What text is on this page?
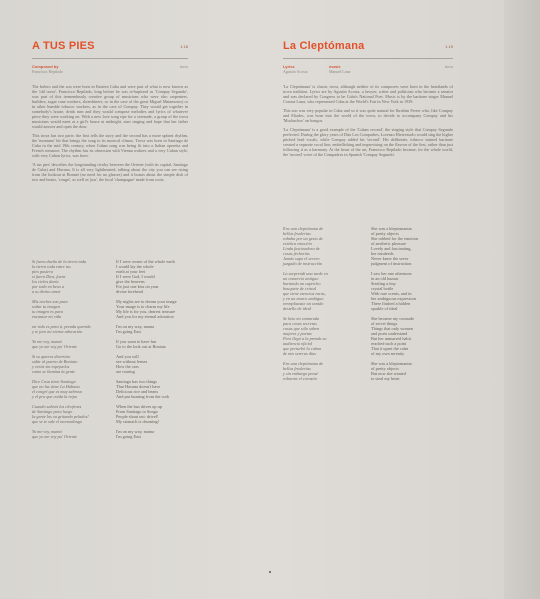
A TUS PIES	1.18
Composed by
Francisco Repilado
trova

The bolero and the son were born in Eastern Cuba and were part of what is now known as the 'old trova'. Francisco Repilado, long before he was re-baptised as 'Compay Segundo', was part of this tremendously creative group of musicians who were also carpenters, builders, sugar cane workers, shoeshiners; so in the case of the great Miguel Matamoros) or in other humble tobacco workers, as in the case of Compay. They would get together in somebody's house, drink rum and they would compose melodies and lyrics of whatever piece they were working on. With a new love song ripe for a serenade, a group of the trova musicians would meet at a girl's house at midnight, start singing and hope that her father would answer and open the door.

This trova has two parts: the first tells the story and the second has a more upbeat rhythm, the 'montuno' bit that brings the song to its musical climax. Trova was born in Santiago de Cuba in the mid 19th century, when Cuban song was being fit into a Italian operetta and French romance. The rhythm has its obsession with Vienna waltzes and a very Cuban style, with very Cuban lyrics, was born.

'A tus pies' describes the longstanding rivalry between the Oriente (with its capital, Santiago de Cuba) and Havana. It is all very lighthearted, talking about the city you can see rising from the lookout at Bonnet (no need for no glasses) and it boasts about the simple dish of rice and beans, 'congri', as well as 'pru', the local 'champagne' made from roots.

Si fuera dueño de la tierra toda

la tierra toda entre tus

pies pusiera

si fuera Dios, fuera

los cielos daría

por todo en beso a

a tu divino amor

Mis noches son para

soñar tu imagen

tu imagen es para

encantar mi vida

mi vida es para ti, prenda querida

y te juro mi eterna adoración

Yo me voy, mamá

que yo me voy pa' Oriente

Si tu quieres divertirte

subir al puerto de Boniato

y verás sin espejuelos

como se ilumina la gente

Dice Cosa tiene Santiago

que no las tiene La Habana

el congrí que es muy sabroso

y el pru que cuida la tripa

Cuando sabrás los cleofenes

de Santiago para luego

la gente los va gritando pelados!

que se te sale el morondongo

Yo me voy, mamá

que yo me voy pa' Oriente

If I were owner of the whole earth

I would lay the whole

earth at your feet

If I were God, I would

give the heavens

For just one kiss on your

divine forehead

My nights are to dream your image

Your image is to charm my life

My life is for you, dearest treasure

And you for my eternal adoration

I'm on my way, mama

I'm going East

If you want to have fun

Go to the look out at Boniato

And you will

see without lenses

How the cars

are roaring

Santiago has two things

That Havana doesn't have

Delicious rice and beans

And pru burning from the cork

When the bus drives up up

From Santiago to Songo

People shout out: drivel!

My stomach is churning!

I'm on my way, mama

I'm going East

La Cleptómana	1.19
Lyrics
Agustín Acosta
music
Manuel Luna
trova

'La Cleptómana' is classic trova, although neither of its composers were born in the heartlands of trova tradition. Lyrics are by Agustin Acosta, a lawyer, writer and politician who became a senator and was declared by Congress to be Cuba's National Poet. Music is by the baritone singer Manuel Corona Luna, who represented Cuba at the World's Fair in New York in 1939.

This son was very popular in Cuba and so it was quite natural for Ibrahim Ferrer who, like Compay and Eliades, was born into the world of the trova, to decide to accompany Compay and his 'Muchachos' on bongos.

'La Cleptómana' is a good example of the 'Cuban second', the singing style that Compay Segundo perfected. During the glory years of Dúo Los Compadres, Lorenzo Hierrezuelo would sing the higher pitched lead vocals, while Compay added his 'second'. His deliberate, tobacco stained baritone created a separate vocal line, embellishing and improvising on the flavour of the first, rather than just following it as a harmony. At the heart of the art, Francisco Repilado became, for the whole world, the 'second' voice of the Compadres in Spanish 'Compay Segundo'.

Era una cleptómana de

bellas fruslerías

robaba por un gesto de

estética emoción

Linda fascinadora de

cosas fechorías

Jamás supo el severo

juzgado de instrucción

La sorprendí una tarde en

un comercio antiguo

hurtando un capricho

bouquete de cristal

que tiene esencias raras,

y en un marco ambiguo

reemplazaste un sonido

destello de ideal

Se hizo mi camarada

para cosas secretas

cosas que sólo saben

mujeres y poetas

Pero llegó a la prenda su

audiencia oficial

que perturbó la calma

de mis sereras días

Era una cleptómana de

bellas fruslerías

y sin embargo pensé

robarme el corazón

She was a kleptomaniac

of pretty objects

She robbed for the emotion

of aesthetic pleasure

Lovely and fascinating,

her misdeeds

Never knew the sever

judgment of instruction

I saw her one afternoon

in an old bazaar

Stealing a tiny

crystal bottle

With rare scents, and in

her ambiguous expression

There flashed a hidden

sparkle of ideal

She became my comrade

of secret things

Things that only women

and poets understand

But her unmarred habit

reached such a point

That it upset the calm

of my own serenity

She was a kleptomaniac

of pretty objects

But now she wanted

to steal my heart
